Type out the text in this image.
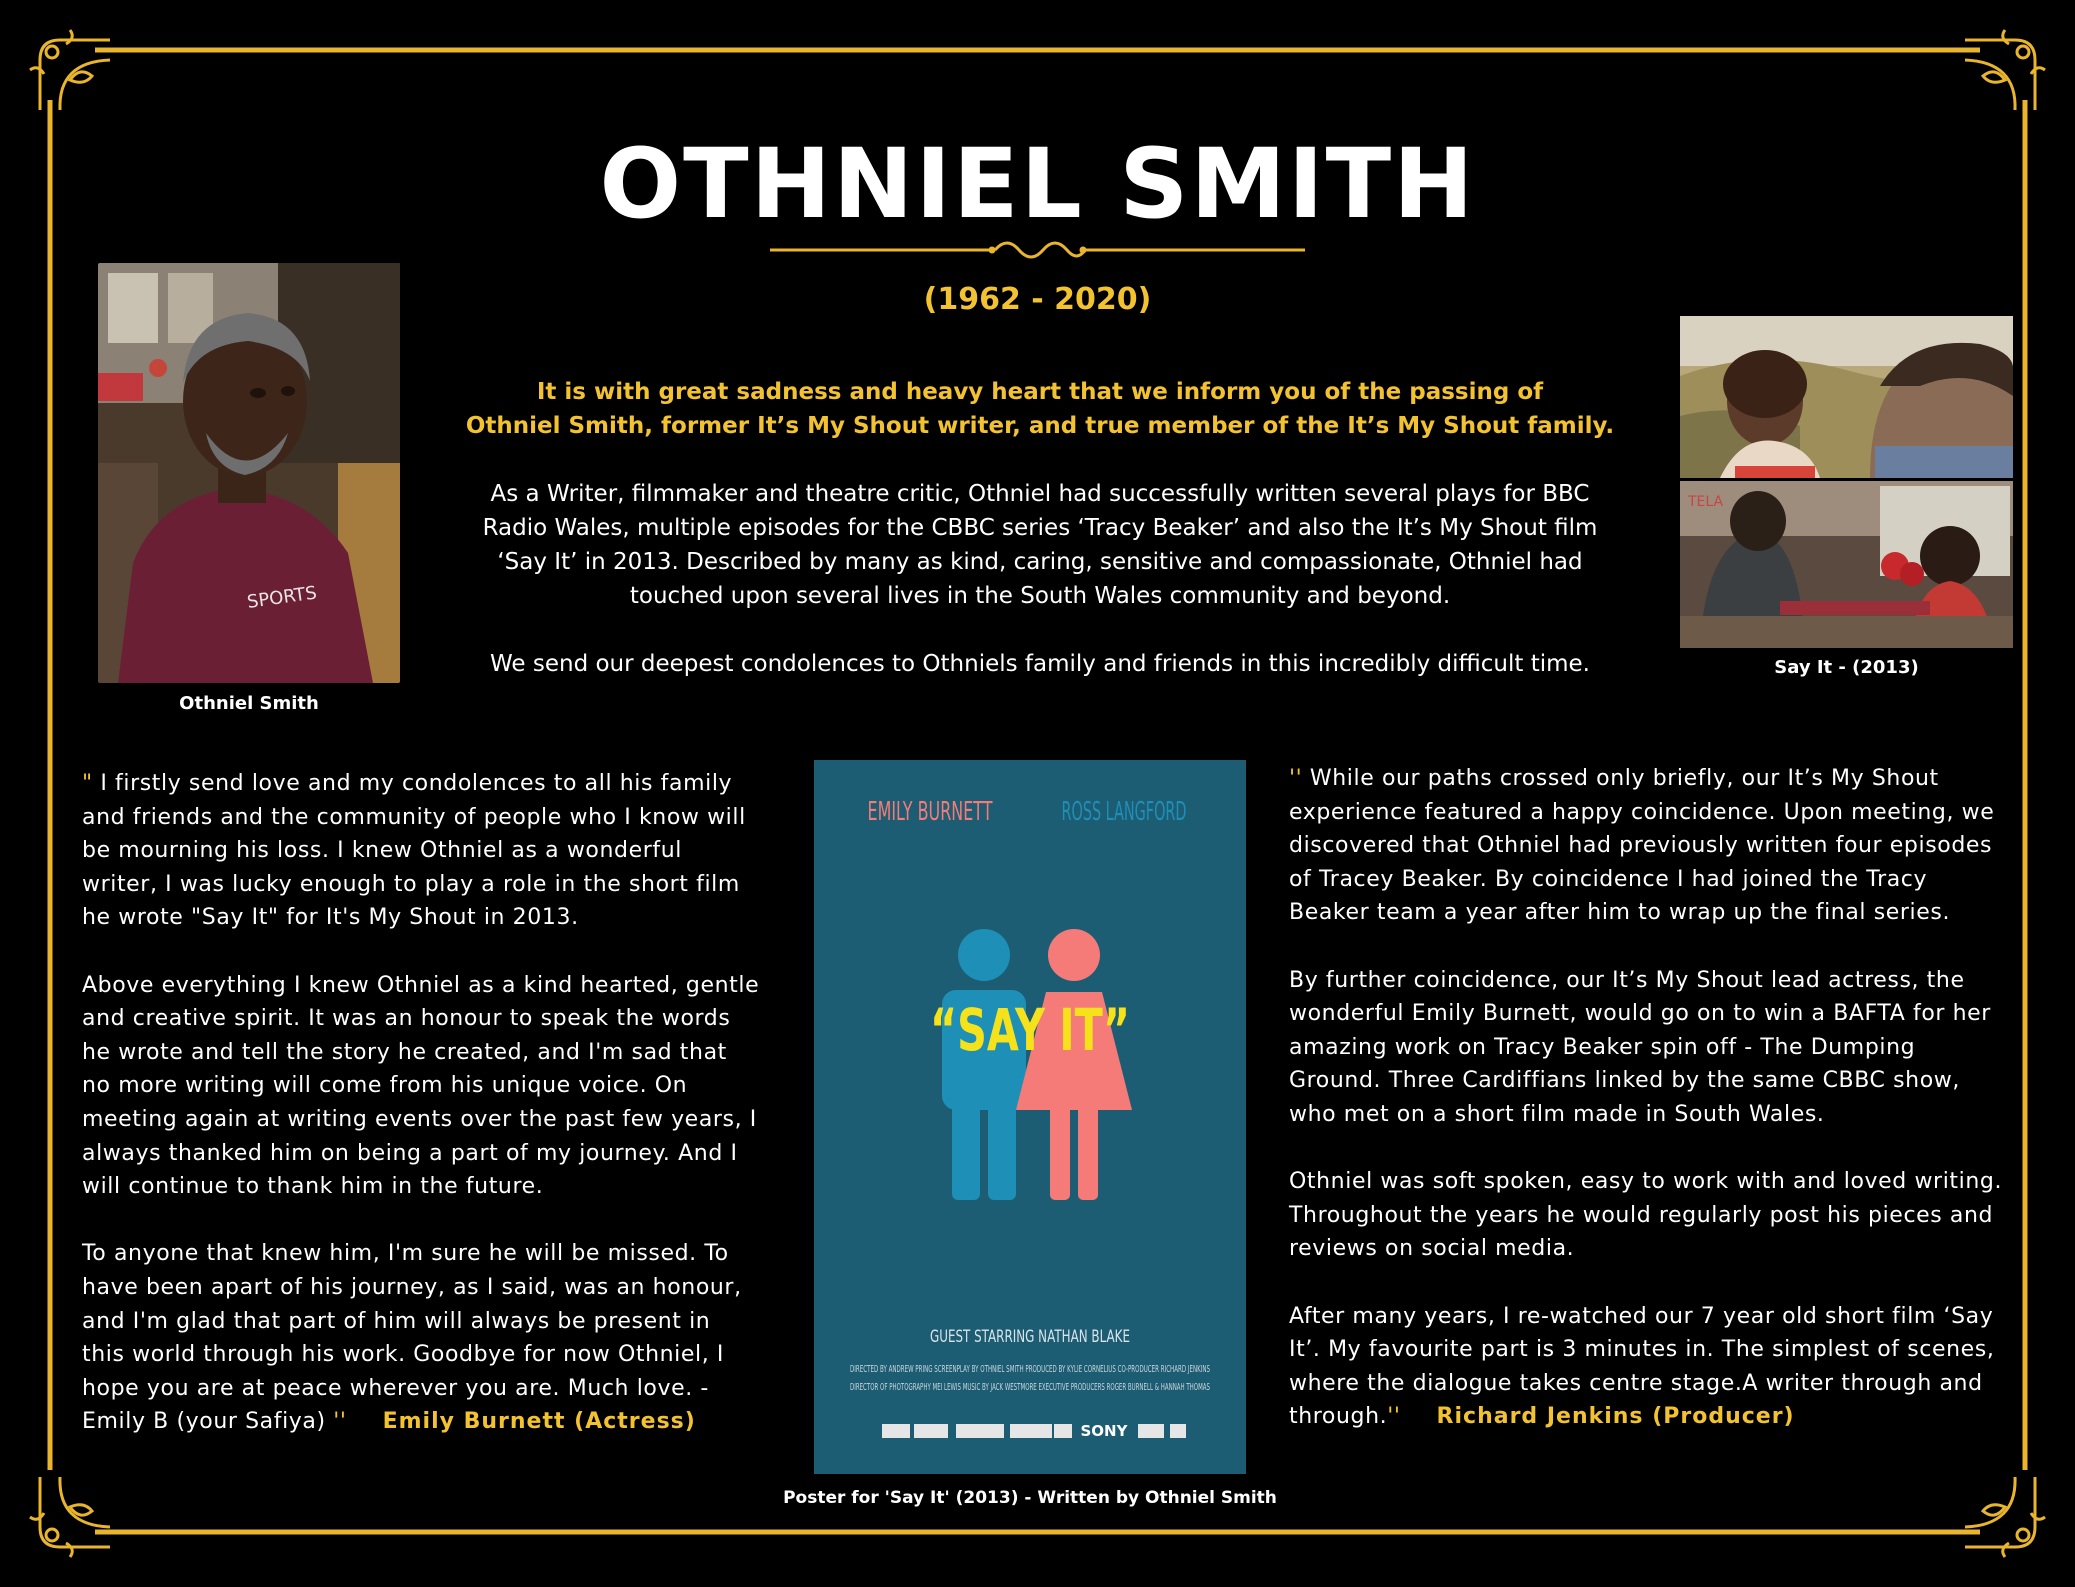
OTHNIEL SMITH
(1962 - 2020)
SPORTS
Othniel Smith

It is with great sadness and heavy heart that we inform you of the passing of
Othniel Smith, former It’s My Shout writer, and true member of the It’s My Shout family.

As a Writer, filmmaker and theatre critic, Othniel had successfully written several plays for BBC
Radio Wales, multiple episodes for the CBBC series ‘Tracy Beaker’ and also the It’s My Shout film
‘Say It’ in 2013. Described by many as kind, caring, sensitive and compassionate, Othniel had
touched upon several lives in the South Wales community and beyond.

We send our deepest condolences to Othniels family and friends in this incredibly difficult time.

TELA
Say It - (2013)

" I firstly send love and my condolences to all his family
and friends and the community of people who I know will
be mourning his loss. I knew Othniel as a wonderful
writer, I was lucky enough to play a role in the short film
he wrote "Say It" for It's My Shout in 2013.

Above everything I knew Othniel as a kind hearted, gentle
and creative spirit. It was an honour to speak the words
he wrote and tell the story he created, and I'm sad that
no more writing will come from his unique voice. On
meeting again at writing events over the past few years, I
always thanked him on being a part of my journey. And I
will continue to thank him in the future.

To anyone that knew him, I'm sure he will be missed. To
have been apart of his journey, as I said, was an honour,
and I'm glad that part of him will always be present in
this world through his work. Goodbye for now Othniel, I
hope you are at peace wherever you are. Much love. -
Emily B (your Safiya) '' Emily Burnett (Actress)

EMILY BURNETT	ROSS LANGFORD
“SAY IT”
GUEST STARRING NATHAN BLAKE
DIRECTED BY ANDREW PRING SCREENPLAY BY OTHNIEL SMITH PRODUCED BY KYLIE CORNELIUS CO-PRODUCER RICHARD JENKINS
DIRECTOR OF PHOTOGRAPHY MEI LEWIS MUSIC BY JACK WESTMORE EXECUTIVE PRODUCERS ROGER BURNELL & HANNAH THOMAS
SONY
Poster for 'Say It' (2013) - Written by Othniel Smith

'' While our paths crossed only briefly, our It’s My Shout
experience featured a happy coincidence. Upon meeting, we
discovered that Othniel had previously written four episodes
of Tracey Beaker. By coincidence I had joined the Tracy
Beaker team a year after him to wrap up the final series.

By further coincidence, our It’s My Shout lead actress, the
wonderful Emily Burnett, would go on to win a BAFTA for her
amazing work on Tracy Beaker spin off - The Dumping
Ground. Three Cardiffians linked by the same CBBC show,
who met on a short film made in South Wales.

Othniel was soft spoken, easy to work with and loved writing.
Throughout the years he would regularly post his pieces and
reviews on social media.

After many years, I re-watched our 7 year old short film ‘Say
It’. My favourite part is 3 minutes in. The simplest of scenes,
where the dialogue takes centre stage.A writer through and
through.'' Richard Jenkins (Producer)
